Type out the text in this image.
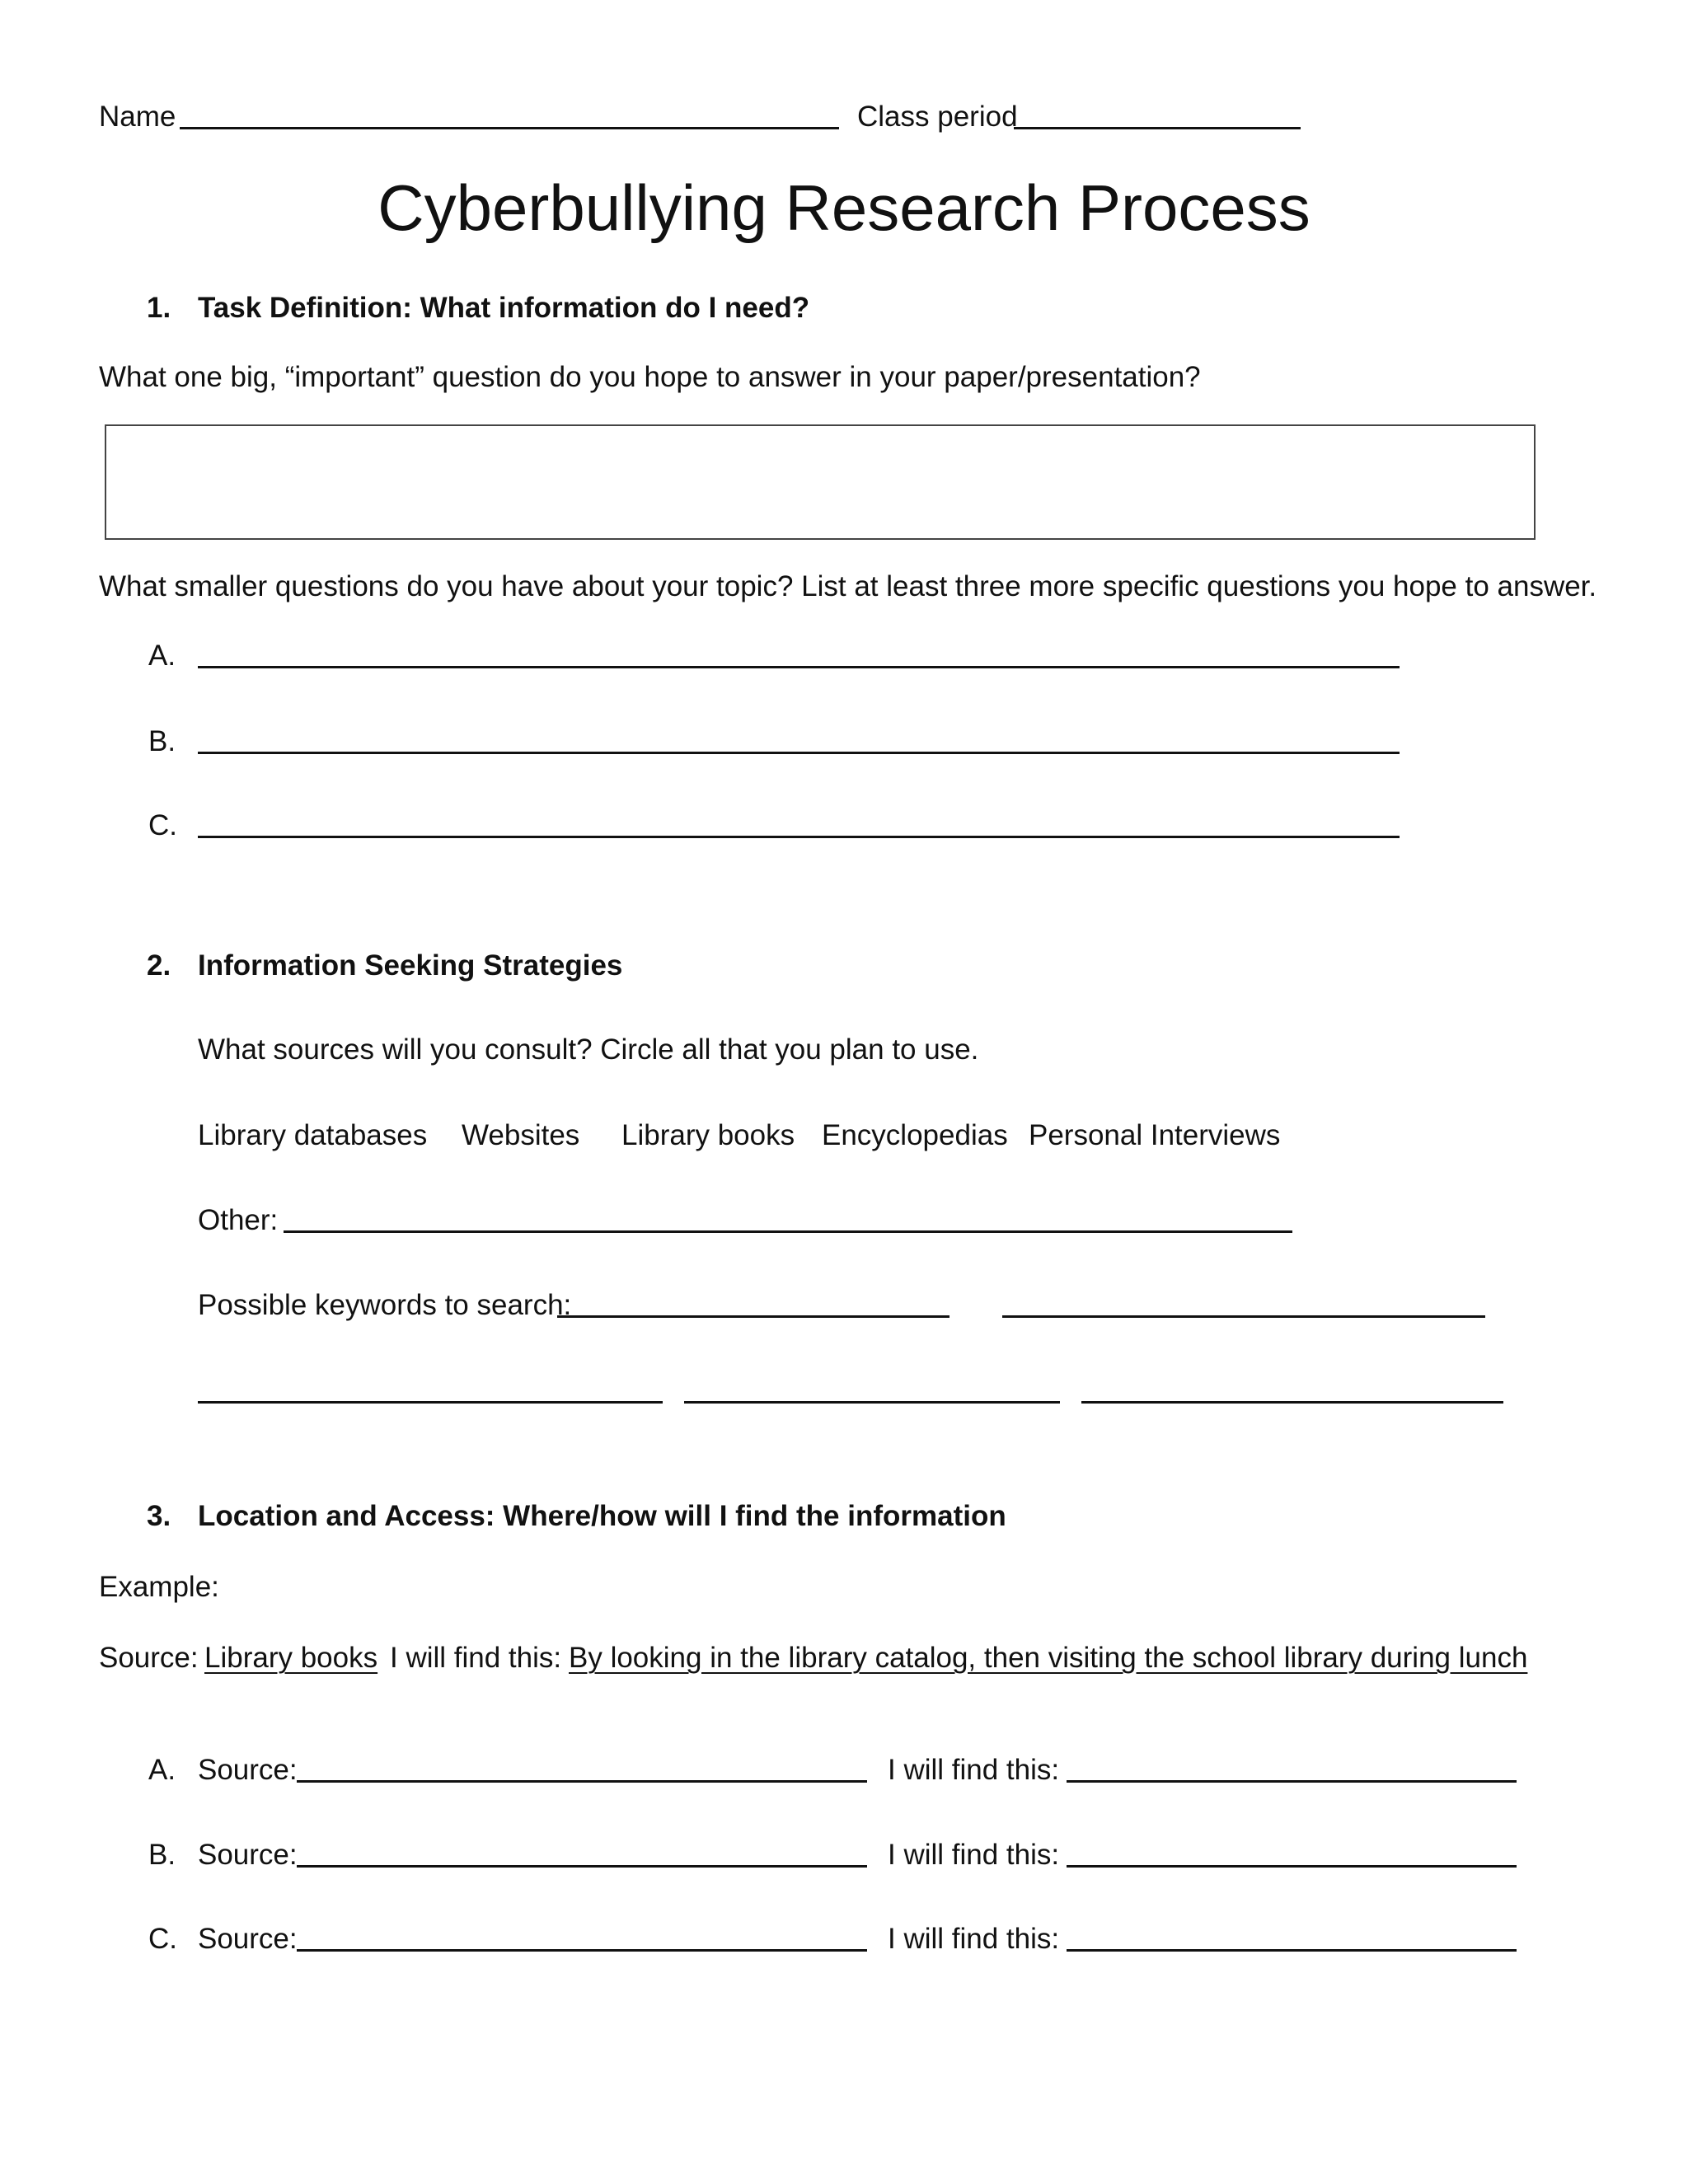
Name	Class period
Cyberbullying Research Process
1. Task Definition: What information do I need?
What one big, “important” question do you hope to answer in your paper/presentation?
What smaller questions do you have about your topic? List at least three more specific questions you hope to answer.
A.
B.
C.
2. Information Seeking Strategies
What sources will you consult? Circle all that you plan to use.
Library databases Websites Library books Encyclopedias Personal Interviews
Other:
Possible keywords to search:
3. Location and Access: Where/how will I find the information
Example:
Source: Library books I will find this: By looking in the library catalog, then visiting the school library during lunch
A. Source:	I will find this:
B. Source:	I will find this:
C. Source:	I will find this:
